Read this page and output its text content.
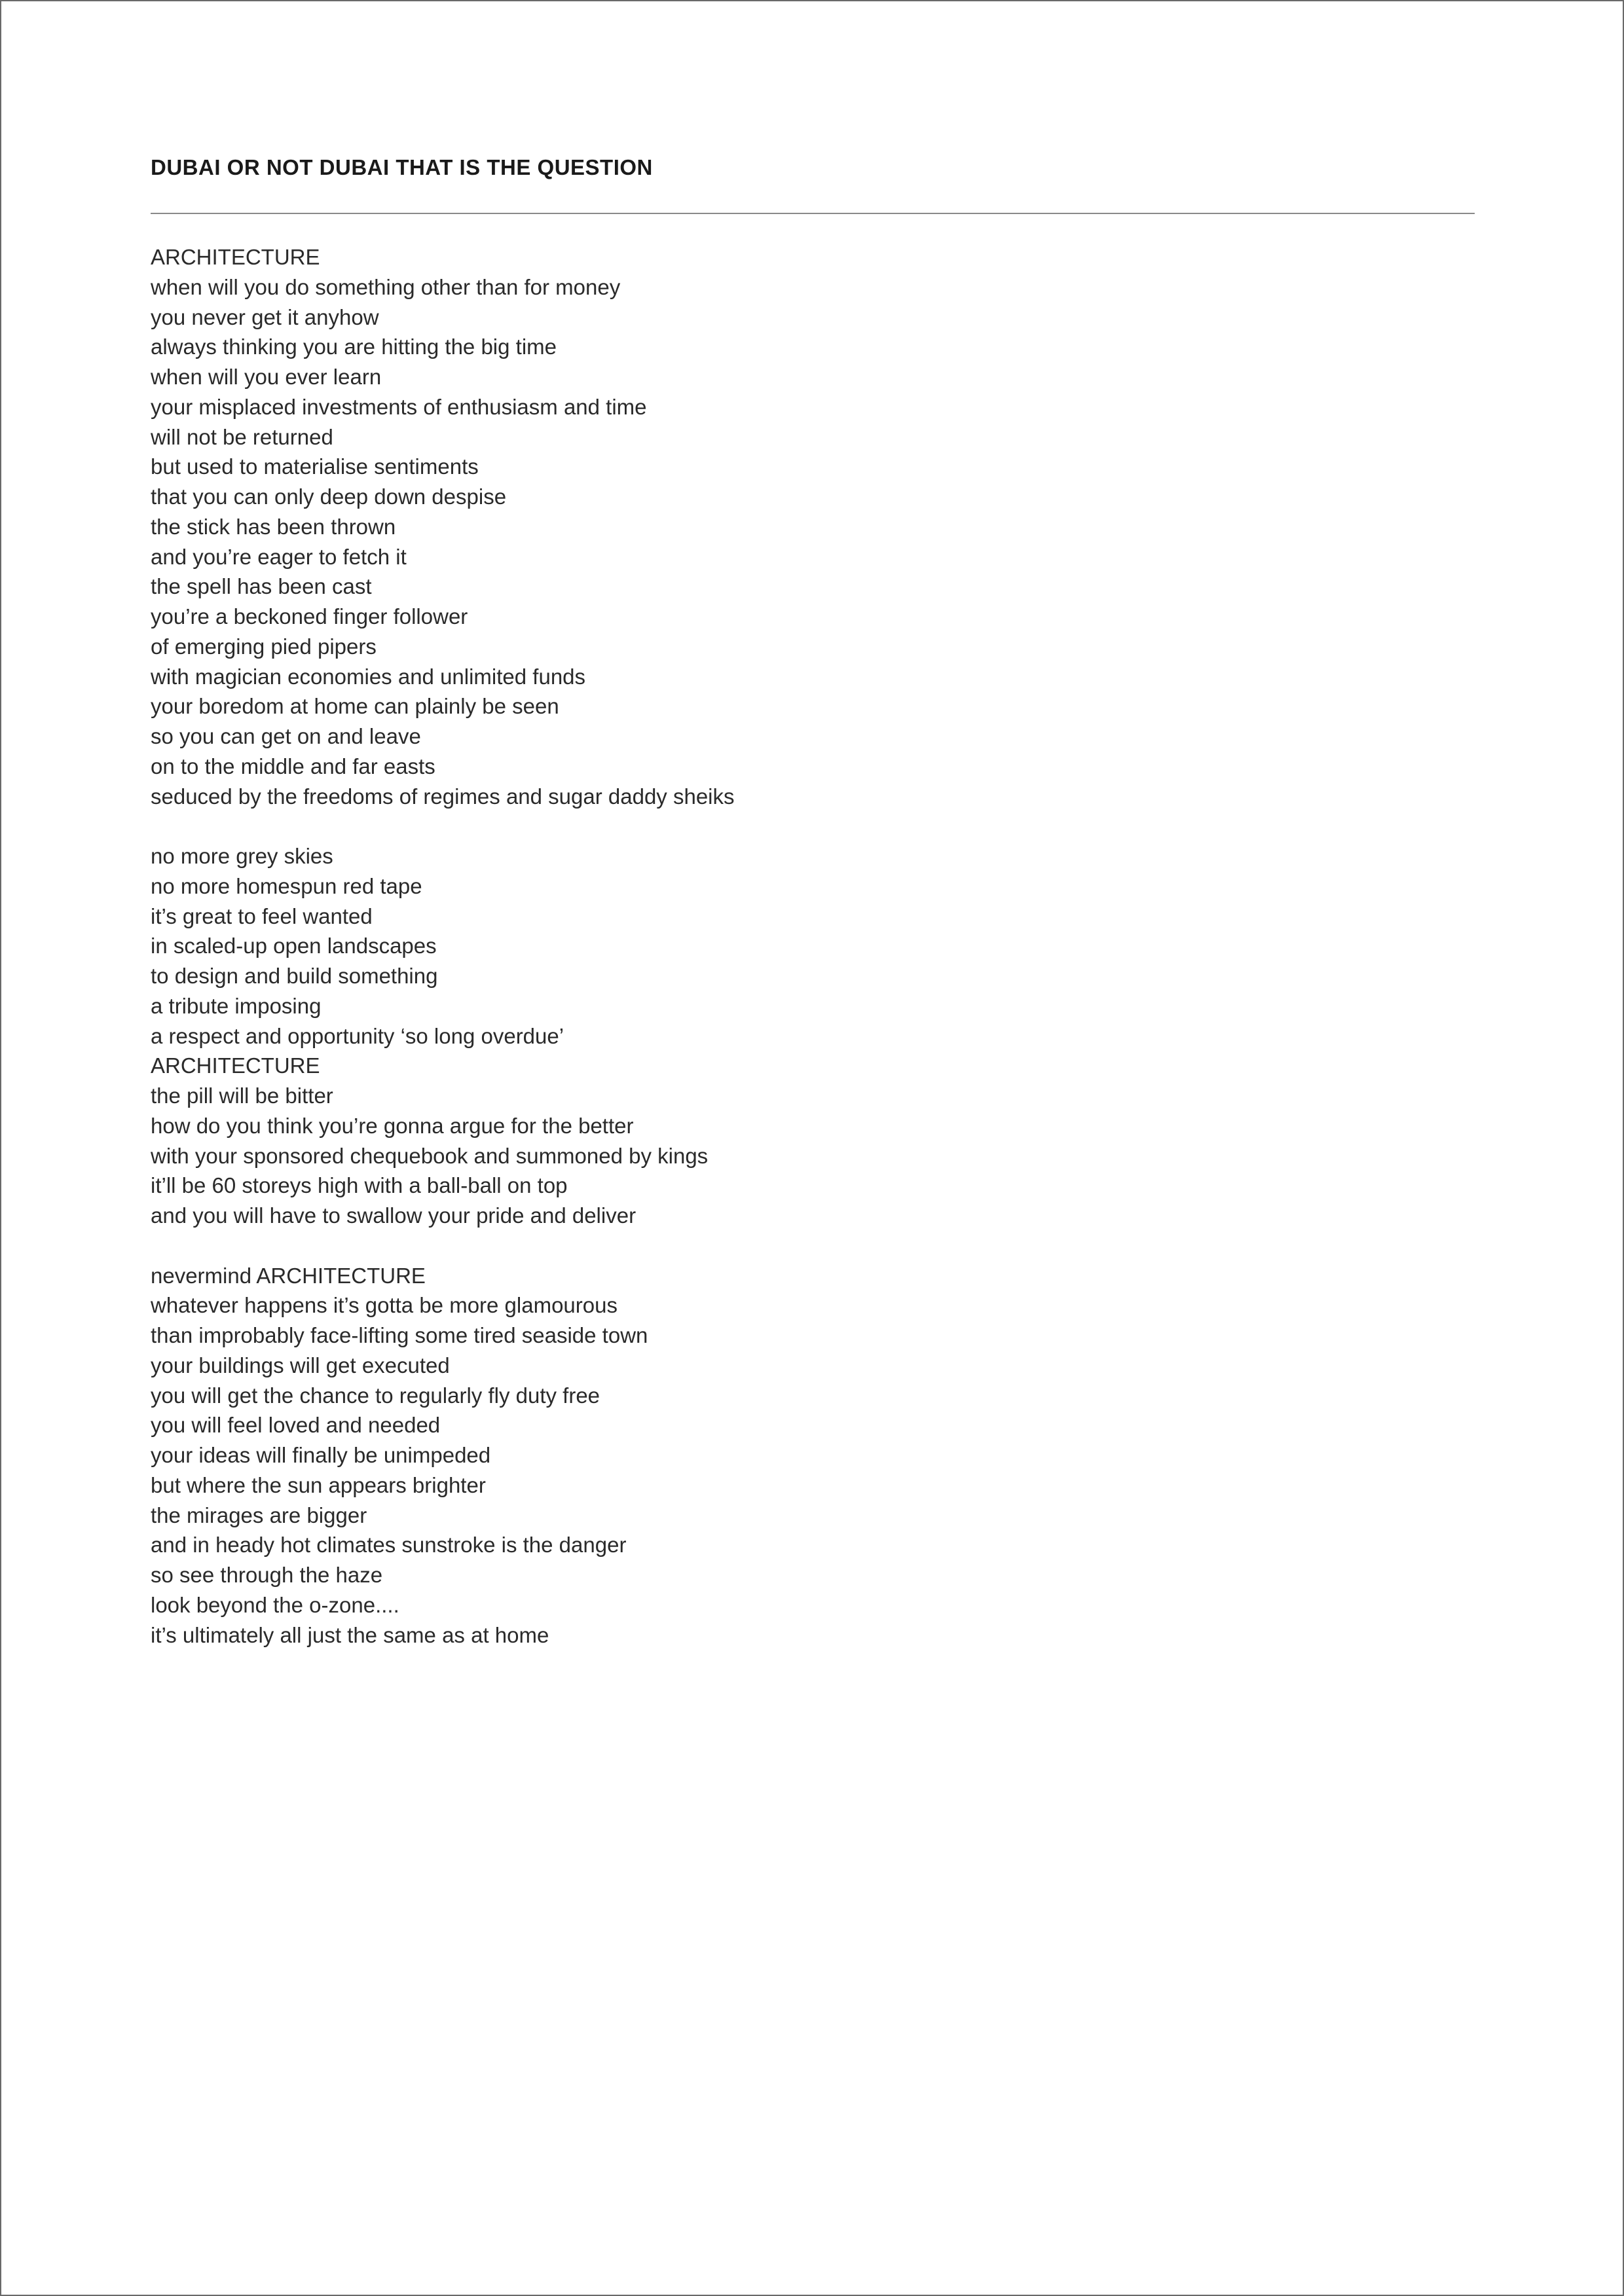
DUBAI OR NOT DUBAI THAT IS THE QUESTION
ARCHITECTURE
when will you do something other than for money
you never get it anyhow
always thinking you are hitting the big time
when will you ever learn
your misplaced investments of enthusiasm and time
will not be returned
but used to materialise sentiments
that you can only deep down despise
the stick has been thrown
and you’re eager to fetch it
the spell has been cast
you’re a beckoned finger follower
of emerging pied pipers
with magician economies and unlimited funds
your boredom at home can plainly be seen
so you can get on and leave
on to the middle and far easts
seduced by the freedoms of regimes and sugar daddy sheiks
no more grey skies
no more homespun red tape
it’s great to feel wanted
in scaled-up open landscapes
to design and build something
a tribute imposing
a respect and opportunity ‘so long overdue’
ARCHITECTURE
the pill will be bitter
how do you think you’re gonna argue for the better
with your sponsored chequebook and summoned by kings
it’ll be 60 storeys high with a ball-ball on top
and you will have to swallow your pride and deliver
nevermind ARCHITECTURE
whatever happens it’s gotta be more glamourous
than improbably face-lifting some tired seaside town
your buildings will get executed
you will get the chance to regularly fly duty free
you will feel loved and needed
your ideas will finally be unimpeded
but where the sun appears brighter
the mirages are bigger
and in heady hot climates sunstroke is the danger
so see through the haze
look beyond the o-zone....
it’s ultimately all just the same as at home
